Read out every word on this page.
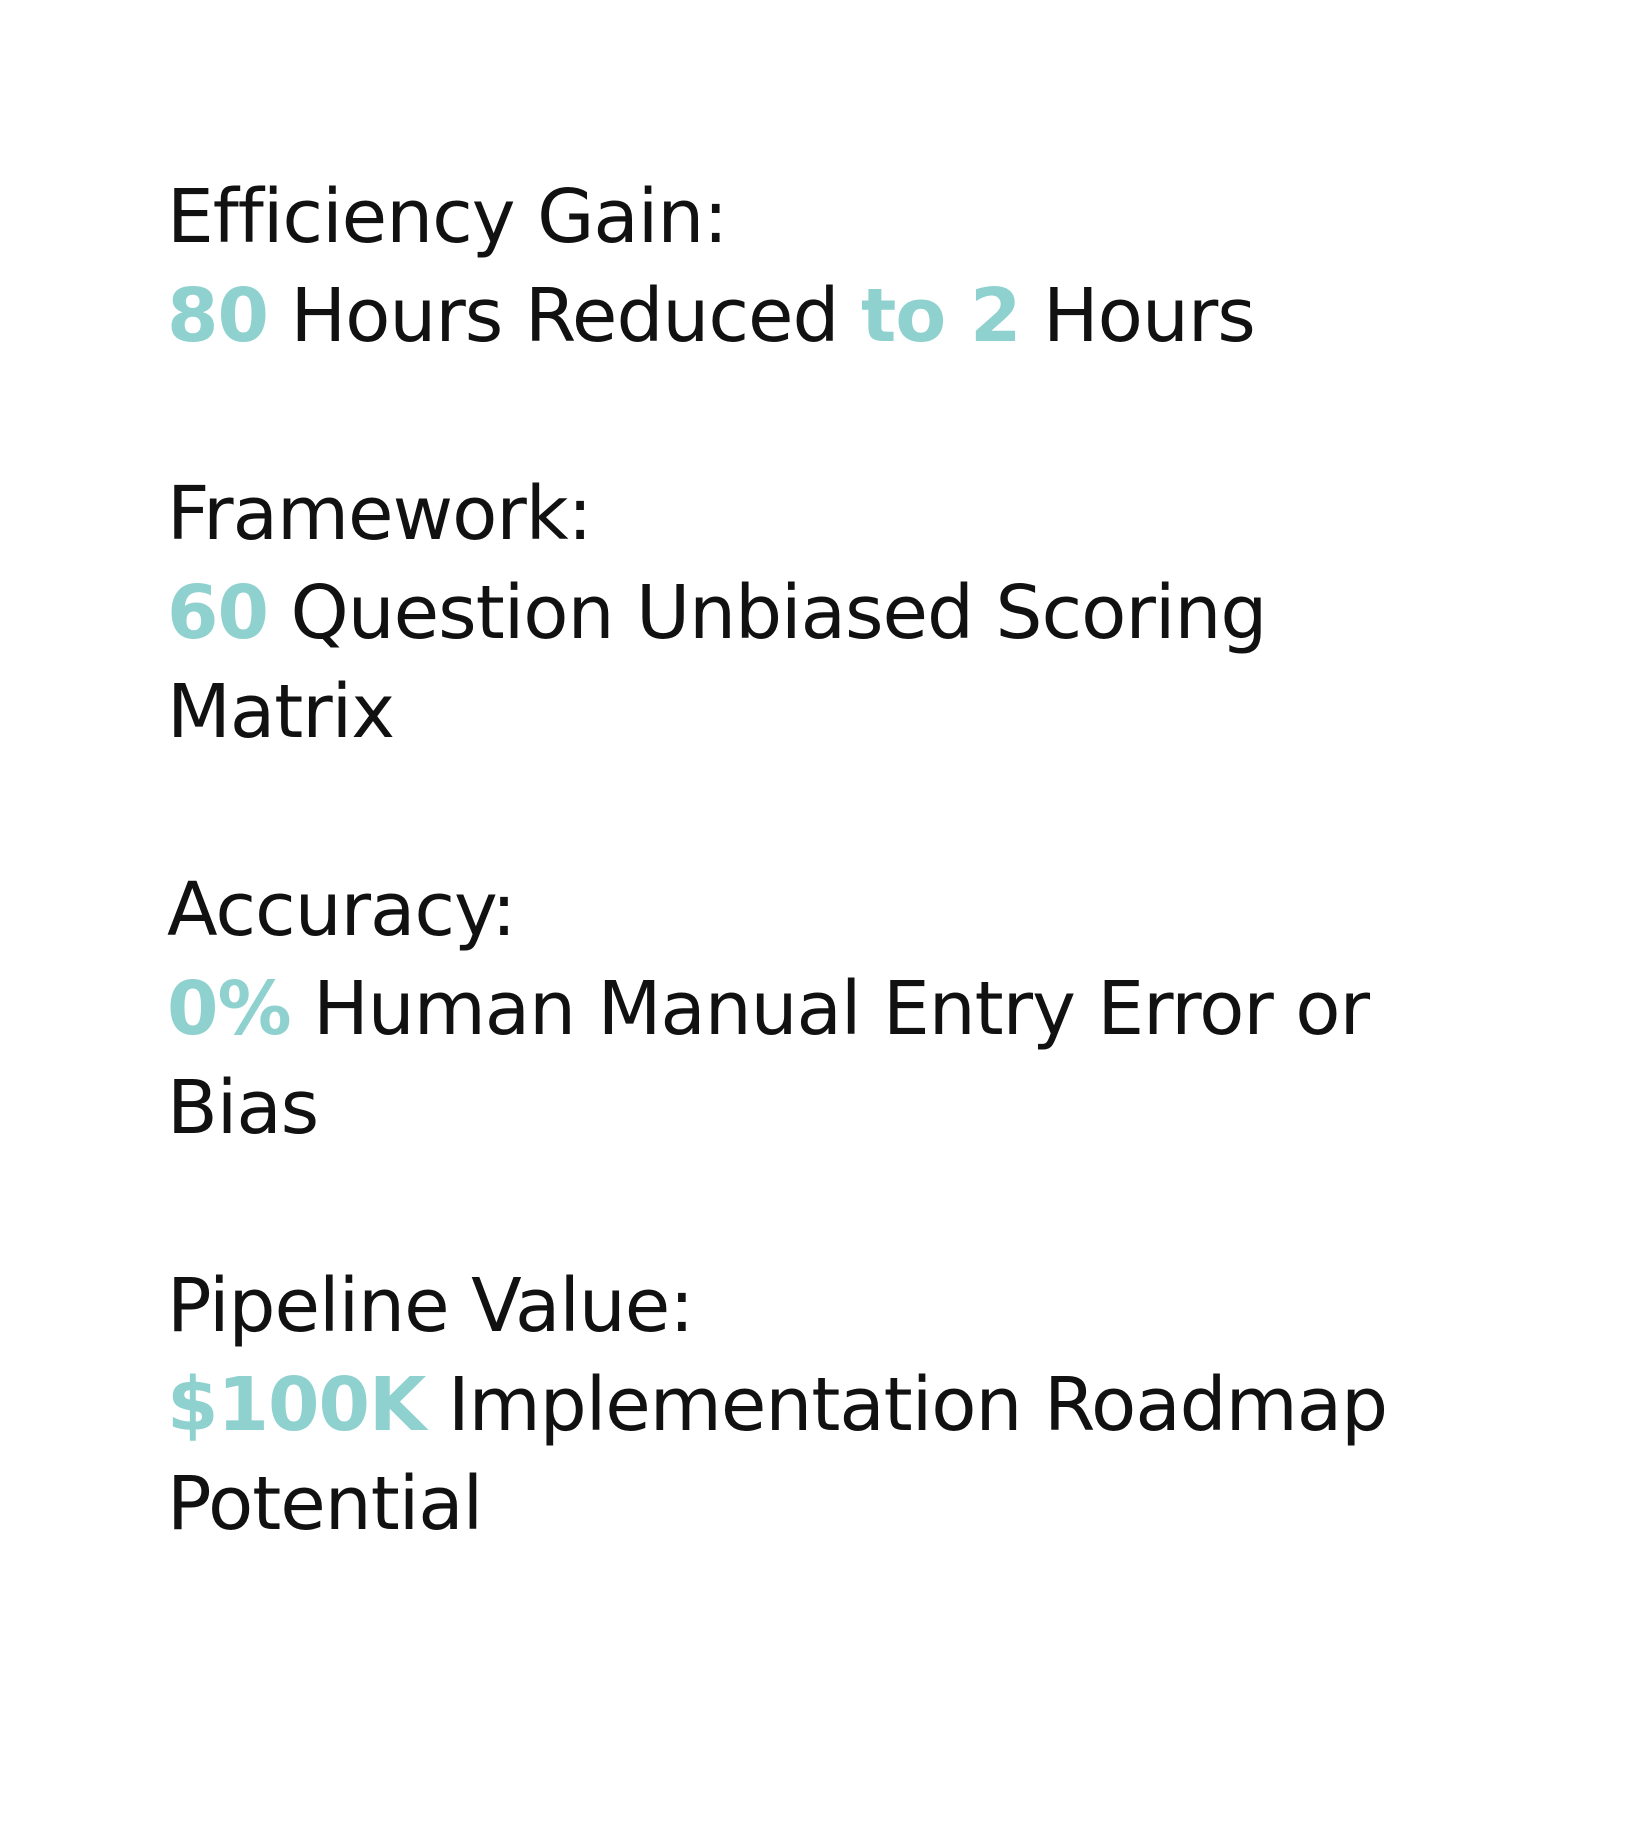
Efficiency Gain:
80 Hours Reduced to 2 Hours
Framework:
60 Question Unbiased Scoring Matrix
Accuracy:
0% Human Manual Entry Error or Bias
Pipeline Value:
$100K Implementation Roadmap Potential
